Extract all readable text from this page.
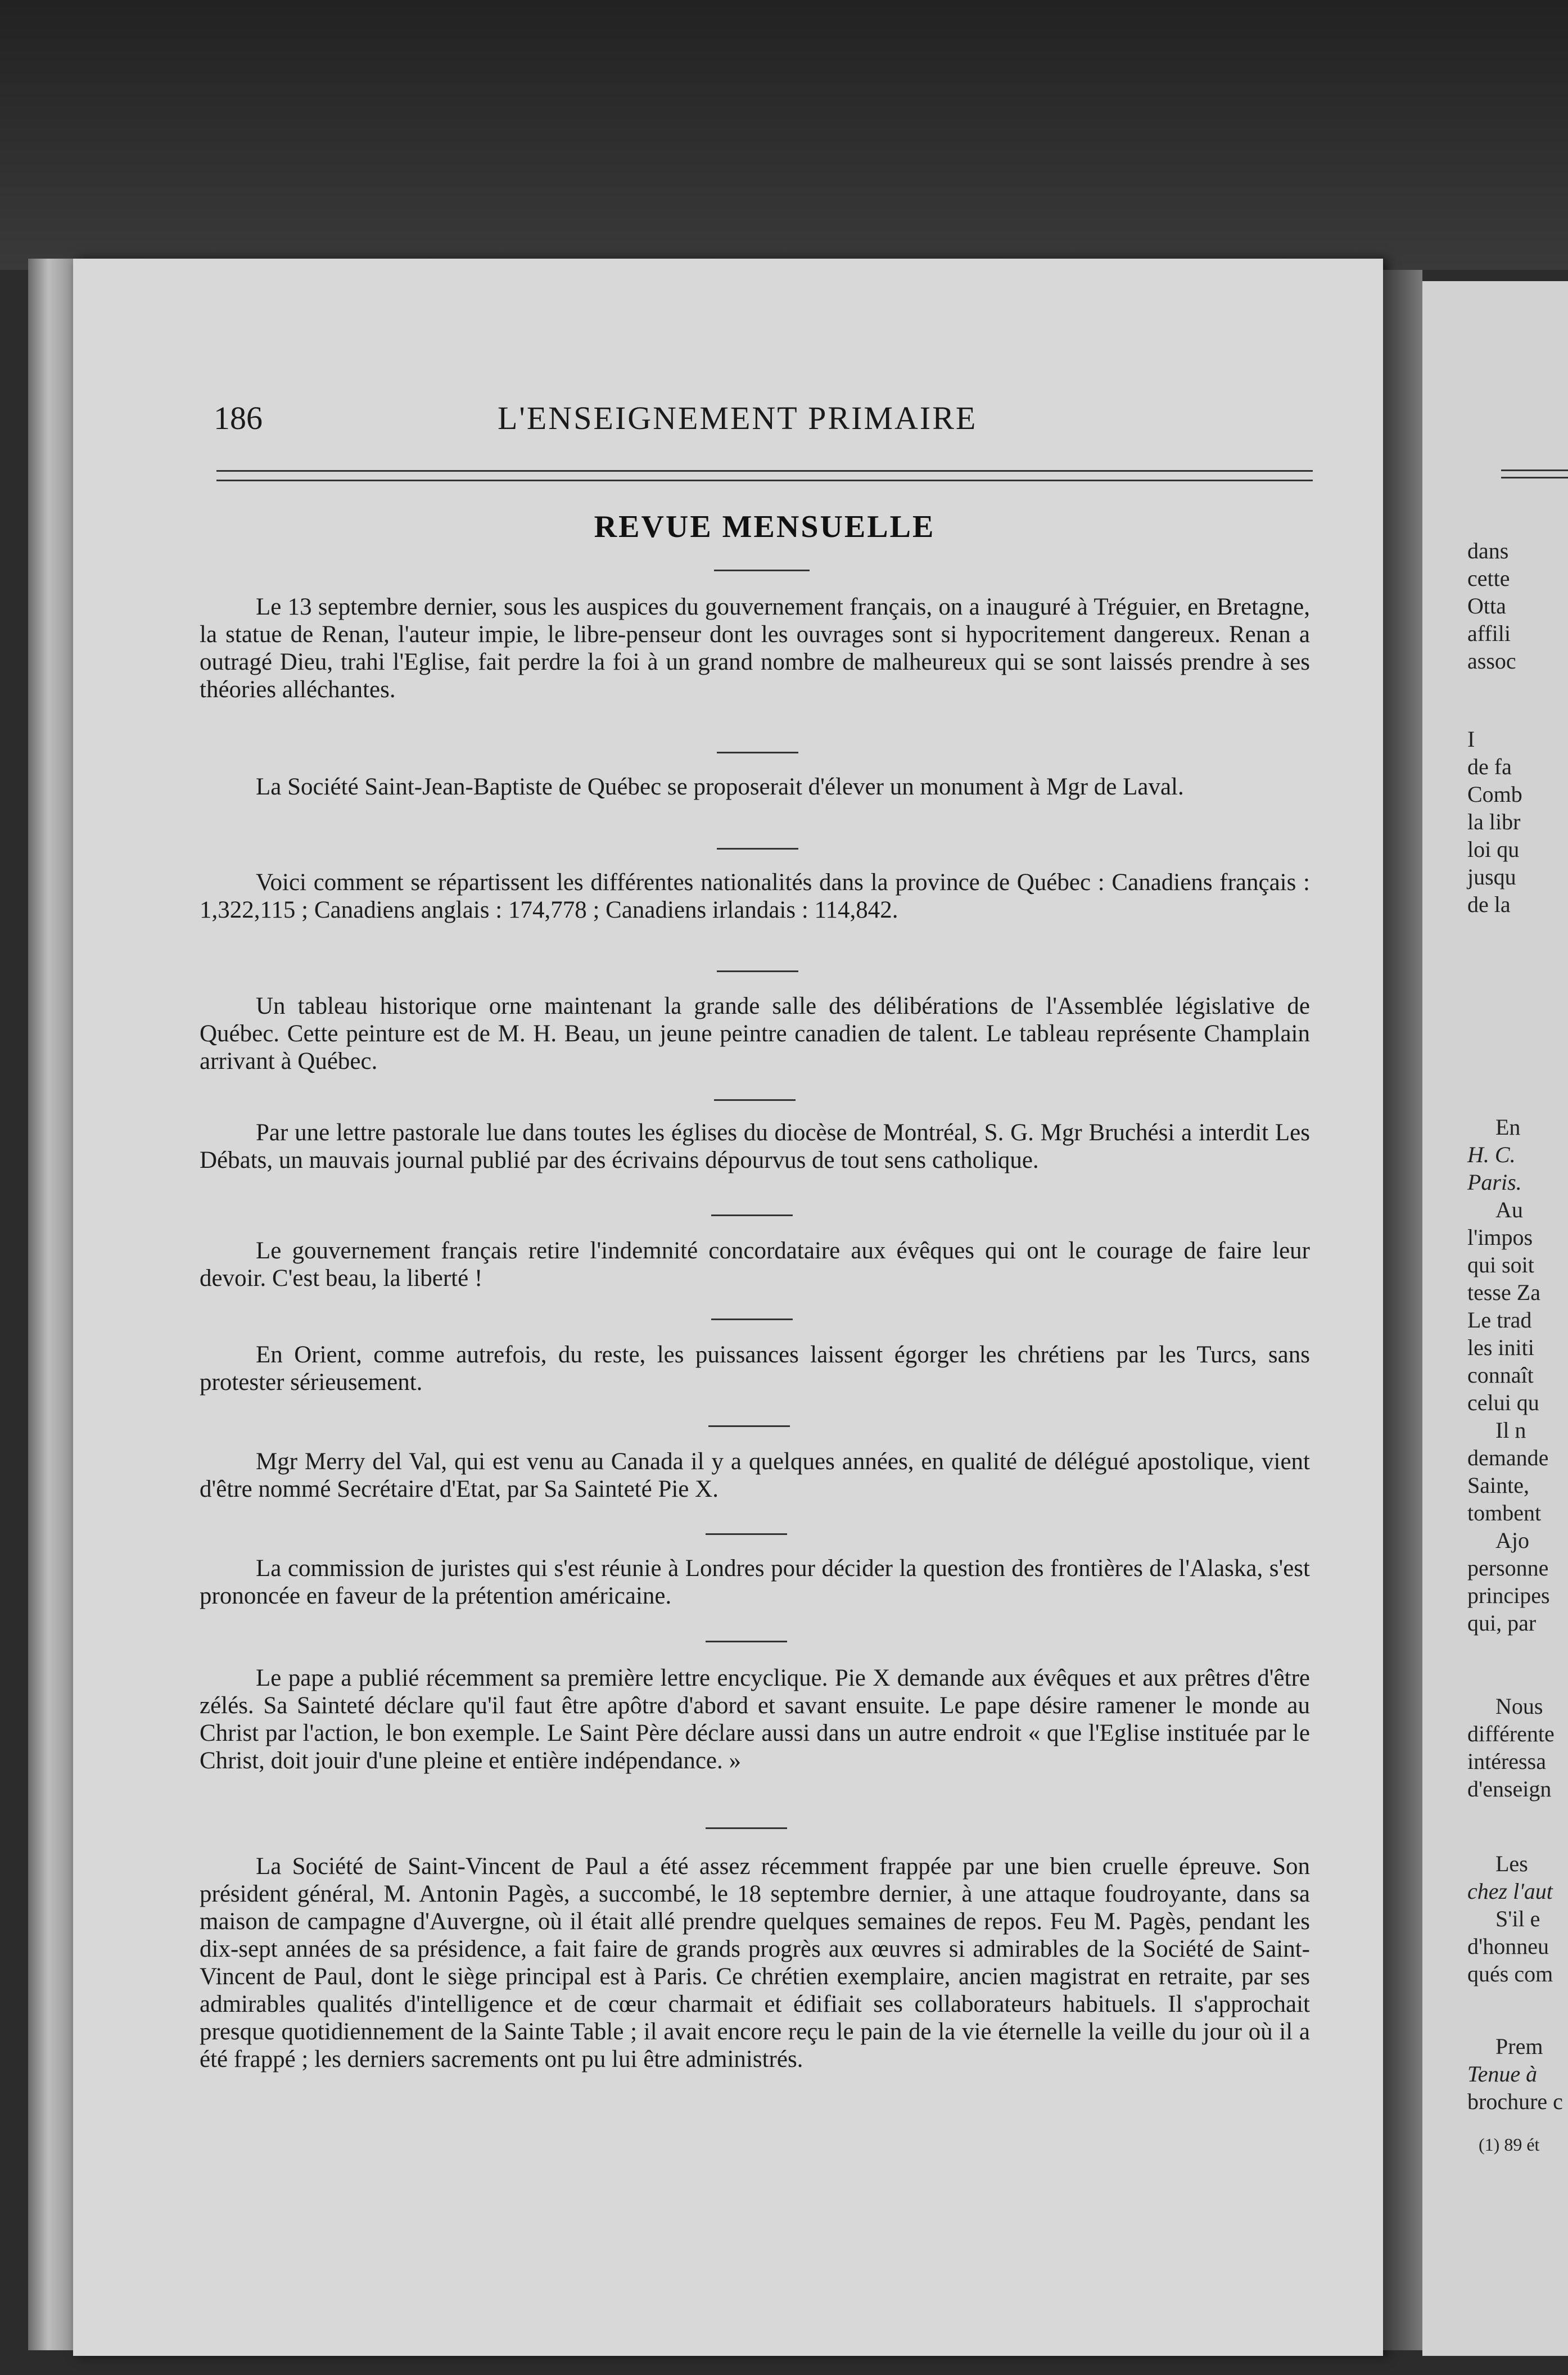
dans
cette
Otta
affili
assoc
I
de fa
Comb
la libr
loi qu
jusqu
de la
En
H. C.
Paris.
Au
l'impos
qui soit
tesse Za
Le trad
les initi
connaît
celui qu
Il n
demande
Sainte,
tombent
Ajo
personne
principes
qui, par
Nous
différente
intéressa
d'enseign
Les
chez l'aut
S'il e
d'honneu
qués com
Prem
Tenue à
brochure c
(1) 89 ét
186	L'ENSEIGNEMENT PRIMAIRE
REVUE MENSUELLE

Le 13 septembre dernier, sous les auspices du gouvernement français, on a inauguré à Tréguier, en Bretagne, la statue de Renan, l'auteur impie, le libre-penseur dont les ouvrages sont si hypocritement dangereux. Renan a outragé Dieu, trahi l'Eglise, fait perdre la foi à un grand nombre de malheureux qui se sont laissés prendre à ses théories alléchantes.

La Société Saint-Jean-Baptiste de Québec se proposerait d'élever un monument à Mgr de Laval.

Voici comment se répartissent les différentes nationalités dans la province de Québec : Canadiens français : 1,322,115 ; Canadiens anglais : 174,778 ; Canadiens irlandais : 114,842.

Un tableau historique orne maintenant la grande salle des délibérations de l'Assemblée législative de Québec. Cette peinture est de M. H. Beau, un jeune peintre canadien de talent. Le tableau représente Champlain arrivant à Québec.

Par une lettre pastorale lue dans toutes les églises du diocèse de Montréal, S. G. Mgr Bruchési a interdit Les Débats, un mauvais journal publié par des écrivains dépourvus de tout sens catholique.

Le gouvernement français retire l'indemnité concordataire aux évêques qui ont le courage de faire leur devoir. C'est beau, la liberté !

En Orient, comme autrefois, du reste, les puissances laissent égorger les chrétiens par les Turcs, sans protester sérieusement.

Mgr Merry del Val, qui est venu au Canada il y a quelques années, en qualité de délégué apostolique, vient d'être nommé Secrétaire d'Etat, par Sa Sainteté Pie X.

La commission de juristes qui s'est réunie à Londres pour décider la question des frontières de l'Alaska, s'est prononcée en faveur de la prétention américaine.

Le pape a publié récemment sa première lettre encyclique. Pie X demande aux évêques et aux prêtres d'être zélés. Sa Sainteté déclare qu'il faut être apôtre d'abord et savant ensuite. Le pape désire ramener le monde au Christ par l'action, le bon exemple. Le Saint Père déclare aussi dans un autre endroit « que l'Eglise instituée par le Christ, doit jouir d'une pleine et entière indépendance. »

La Société de Saint-Vincent de Paul a été assez récemment frappée par une bien cruelle épreuve. Son président général, M. Antonin Pagès, a succombé, le 18 septembre dernier, à une attaque foudroyante, dans sa maison de campagne d'Auvergne, où il était allé prendre quelques semaines de repos. Feu M. Pagès, pendant les dix-sept années de sa présidence, a fait faire de grands progrès aux œuvres si admirables de la Société de Saint-Vincent de Paul, dont le siège principal est à Paris. Ce chrétien exemplaire, ancien magistrat en retraite, par ses admirables qualités d'intelligence et de cœur charmait et édifiait ses collaborateurs habituels. Il s'approchait presque quotidiennement de la Sainte Table ; il avait encore reçu le pain de la vie éternelle la veille du jour où il a été frappé ; les derniers sacrements ont pu lui être administrés.
